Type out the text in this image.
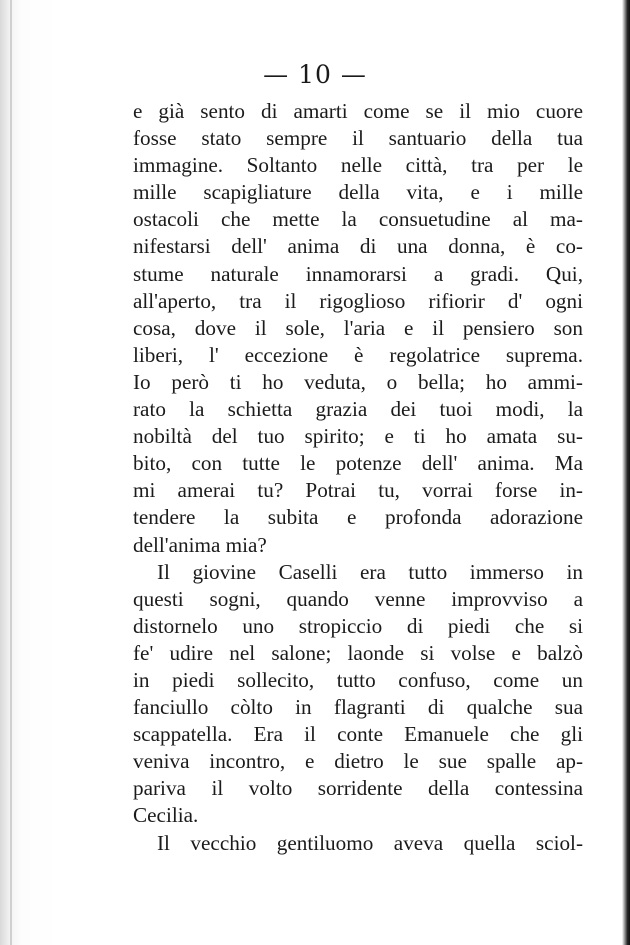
— 10 —
e già sento di amarti come se il mio cuore
fosse stato sempre il santuario della tua
immagine. Soltanto nelle città, tra per le
mille scapigliature della vita, e i mille
ostacoli che mette la consuetudine al ma-
nifestarsi dell' anima di una donna, è co-
stume naturale innamorarsi a gradi. Qui,
all'aperto, tra il rigoglioso rifiorir d' ogni
cosa, dove il sole, l'aria e il pensiero son
liberi, l' eccezione è regolatrice suprema.
Io però ti ho veduta, o bella; ho ammi-
rato la schietta grazia dei tuoi modi, la
nobiltà del tuo spirito; e ti ho amata su-
bito, con tutte le potenze dell' anima. Ma
mi amerai tu? Potrai tu, vorrai forse in-
tendere la subita e profonda adorazione
dell'anima mia?
Il giovine Caselli era tutto immerso in
questi sogni, quando venne improvviso a
distornelo uno stropiccio di piedi che si
fe' udire nel salone; laonde si volse e balzò
in piedi sollecito, tutto confuso, come un
fanciullo còlto in flagranti di qualche sua
scappatella. Era il conte Emanuele che gli
veniva incontro, e dietro le sue spalle ap-
pariva il volto sorridente della contessina
Cecilia.
Il vecchio gentiluomo aveva quella sciol-
